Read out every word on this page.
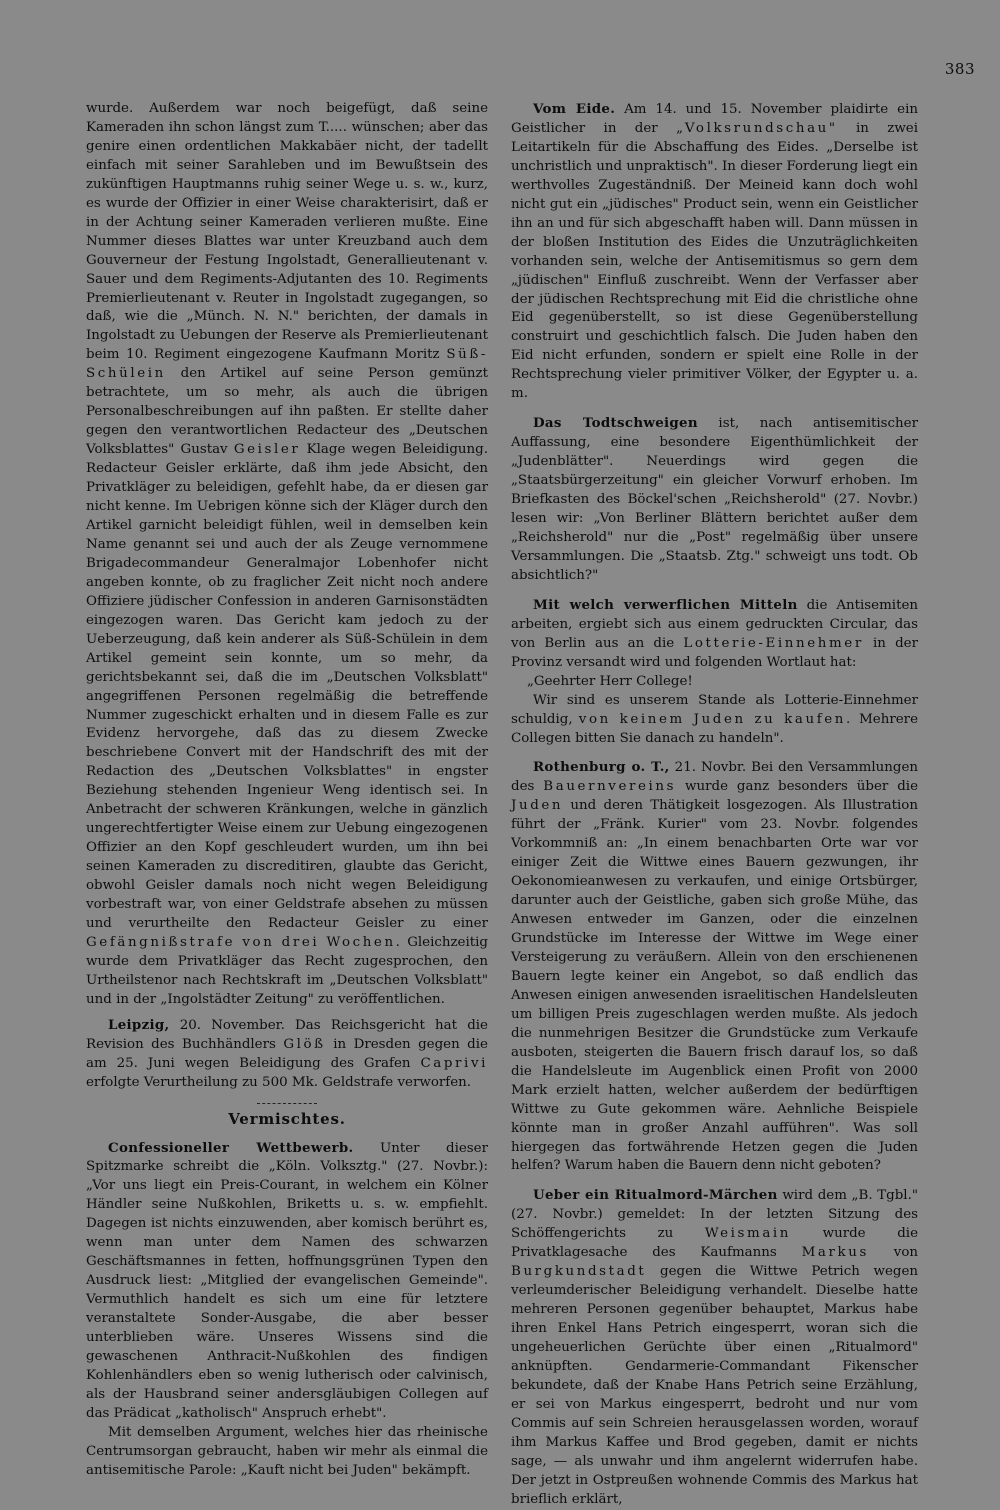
383

wurde. Außerdem war noch beigefügt, daß seine Kameraden ihn schon längst zum T..... wünschen; aber das genire einen ordentlichen Makkabäer nicht, der tadellt einfach mit seiner Sarahleben und im Bewußtsein des zukünftigen Hauptmanns ruhig seiner Wege u. s. w., kurz, es wurde der Offizier in einer Weise charakterisirt, daß er in der Achtung seiner Kameraden verlieren mußte. Eine Nummer dieses Blattes war unter Kreuzband auch dem Gouverneur der Festung Ingolstadt, Generallieutenant v. Sauer und dem Regiments-Adjutanten des 10. Regiments Premierlieutenant v. Reuter in Ingolstadt zugegangen, so daß, wie die „Münch. N. N." berichten, der damals in Ingolstadt zu Uebungen der Reserve als Premierlieutenant beim 10. Regiment eingezogene Kaufmann Moritz Süß-Schülein den Artikel auf seine Person gemünzt betrachtete, um so mehr, als auch die übrigen Personalbeschreibungen auf ihn paßten. Er stellte daher gegen den verantwortlichen Redacteur des „Deutschen Volksblattes" Gustav Geisler Klage wegen Beleidigung. Redacteur Geisler erklärte, daß ihm jede Absicht, den Privatkläger zu beleidigen, gefehlt habe, da er diesen gar nicht kenne. Im Uebrigen könne sich der Kläger durch den Artikel garnicht beleidigt fühlen, weil in demselben kein Name genannt sei und auch der als Zeuge vernommene Brigadecommandeur Generalmajor Lobenhofer nicht angeben konnte, ob zu fraglicher Zeit nicht noch andere Offiziere jüdischer Confession in anderen Garnisonstädten eingezogen waren. Das Gericht kam jedoch zu der Ueberzeugung, daß kein anderer als Süß-Schülein in dem Artikel gemeint sein konnte, um so mehr, da gerichtsbekannt sei, daß die im „Deutschen Volksblatt" angegriffenen Personen regelmäßig die betreffende Nummer zugeschickt erhalten und in diesem Falle es zur Evidenz hervorgehe, daß das zu diesem Zwecke beschriebene Convert mit der Handschrift des mit der Redaction des „Deutschen Volksblattes" in engster Beziehung stehenden Ingenieur Weng identisch sei. In Anbetracht der schweren Kränkungen, welche in gänzlich ungerechtfertigter Weise einem zur Uebung eingezogenen Offizier an den Kopf geschleudert wurden, um ihn bei seinen Kameraden zu discreditiren, glaubte das Gericht, obwohl Geisler damals noch nicht wegen Beleidigung vorbestraft war, von einer Geldstrafe absehen zu müssen und verurtheilte den Redacteur Geisler zu einer Gefängnißstrafe von drei Wochen. Gleichzeitig wurde dem Privatkläger das Recht zugesprochen, den Urtheilstenor nach Rechtskraft im „Deutschen Volksblatt" und in der „Ingolstädter Zeitung" zu veröffentlichen.

Leipzig, 20. November. Das Reichsgericht hat die Revision des Buchhändlers Glöß in Dresden gegen die am 25. Juni wegen Beleidigung des Grafen Caprivi erfolgte Verurtheilung zu 500 Mk. Geldstrafe verworfen.

Vermischtes.

Confessioneller Wettbewerb. Unter dieser Spitzmarke schreibt die „Köln. Volksztg." (27. Novbr.): „Vor uns liegt ein Preis-Courant, in welchem ein Kölner Händler seine Nußkohlen, Briketts u. s. w. empfiehlt. Dagegen ist nichts einzuwenden, aber komisch berührt es, wenn man unter dem Namen des schwarzen Geschäftsmannes in fetten, hoffnungsgrünen Typen den Ausdruck liest: „Mitglied der evangelischen Gemeinde". Vermuthlich handelt es sich um eine für letztere veranstaltete Sonder-Ausgabe, die aber besser unterblieben wäre. Unseres Wissens sind die gewaschenen Anthracit-Nußkohlen des findigen Kohlenhändlers eben so wenig lutherisch oder calvinisch, als der Hausbrand seiner andersgläubigen Collegen auf das Prädicat „katholisch" Anspruch erhebt".

Mit demselben Argument, welches hier das rheinische Centrumsorgan gebraucht, haben wir mehr als einmal die antisemitische Parole: „Kauft nicht bei Juden" bekämpft.

Vom Eide. Am 14. und 15. November plaidirte ein Geistlicher in der „Volksrundschau" in zwei Leitartikeln für die Abschaffung des Eides. „Derselbe ist unchristlich und unpraktisch". In dieser Forderung liegt ein werthvolles Zugeständniß. Der Meineid kann doch wohl nicht gut ein „jüdisches" Product sein, wenn ein Geistlicher ihn an und für sich abgeschafft haben will. Dann müssen in der bloßen Institution des Eides die Unzuträglichkeiten vorhanden sein, welche der Antisemitismus so gern dem „jüdischen" Einfluß zuschreibt. Wenn der Verfasser aber der jüdischen Rechtsprechung mit Eid die christliche ohne Eid gegenüberstellt, so ist diese Gegenüberstellung construirt und geschichtlich falsch. Die Juden haben den Eid nicht erfunden, sondern er spielt eine Rolle in der Rechtsprechung vieler primitiver Völker, der Egypter u. a. m.

Das Todtschweigen ist, nach antisemitischer Auffassung, eine besondere Eigenthümlichkeit der „Judenblätter". Neuerdings wird gegen die „Staatsbürgerzeitung" ein gleicher Vorwurf erhoben. Im Briefkasten des Böckel'schen „Reichsherold" (27. Novbr.) lesen wir: „Von Berliner Blättern berichtet außer dem „Reichsherold" nur die „Post" regelmäßig über unsere Versammlungen. Die „Staatsb. Ztg." schweigt uns todt. Ob absichtlich?"

Mit welch verwerflichen Mitteln die Antisemiten arbeiten, ergiebt sich aus einem gedruckten Circular, das von Berlin aus an die Lotterie-Einnehmer in der Provinz versandt wird und folgenden Wortlaut hat:

„Geehrter Herr College!

Wir sind es unserem Stande als Lotterie-Einnehmer schuldig, von keinem Juden zu kaufen. Mehrere Collegen bitten Sie danach zu handeln".

Rothenburg o. T., 21. Novbr. Bei den Versammlungen des Bauernvereins wurde ganz besonders über die Juden und deren Thätigkeit losgezogen. Als Illustration führt der „Fränk. Kurier" vom 23. Novbr. folgendes Vorkommniß an: „In einem benachbarten Orte war vor einiger Zeit die Wittwe eines Bauern gezwungen, ihr Oekonomieanwesen zu verkaufen, und einige Ortsbürger, darunter auch der Geistliche, gaben sich große Mühe, das Anwesen entweder im Ganzen, oder die einzelnen Grundstücke im Interesse der Wittwe im Wege einer Versteigerung zu veräußern. Allein von den erschienenen Bauern legte keiner ein Angebot, so daß endlich das Anwesen einigen anwesenden israelitischen Handelsleuten um billigen Preis zugeschlagen werden mußte. Als jedoch die nunmehrigen Besitzer die Grundstücke zum Verkaufe ausboten, steigerten die Bauern frisch darauf los, so daß die Handelsleute im Augenblick einen Profit von 2000 Mark erzielt hatten, welcher außerdem der bedürftigen Wittwe zu Gute gekommen wäre. Aehnliche Beispiele könnte man in großer Anzahl aufführen". Was soll hiergegen das fortwährende Hetzen gegen die Juden helfen? Warum haben die Bauern denn nicht geboten?

Ueber ein Ritualmord-Märchen wird dem „B. Tgbl." (27. Novbr.) gemeldet: In der letzten Sitzung des Schöffengerichts zu Weismain wurde die Privatklagesache des Kaufmanns Markus von Burgkundstadt gegen die Wittwe Petrich wegen verleumderischer Beleidigung verhandelt. Dieselbe hatte mehreren Personen gegenüber behauptet, Markus habe ihren Enkel Hans Petrich eingesperrt, woran sich die ungeheuerlichen Gerüchte über einen „Ritualmord" anknüpften. Gendarmerie-Commandant Fikenscher bekundete, daß der Knabe Hans Petrich seine Erzählung, er sei von Markus eingesperrt, bedroht und nur vom Commis auf sein Schreien herausgelassen worden, worauf ihm Markus Kaffee und Brod gegeben, damit er nichts sage, — als unwahr und ihm angelernt widerrufen habe. Der jetzt in Ostpreußen wohnende Commis des Markus hat brieflich erklärt,
